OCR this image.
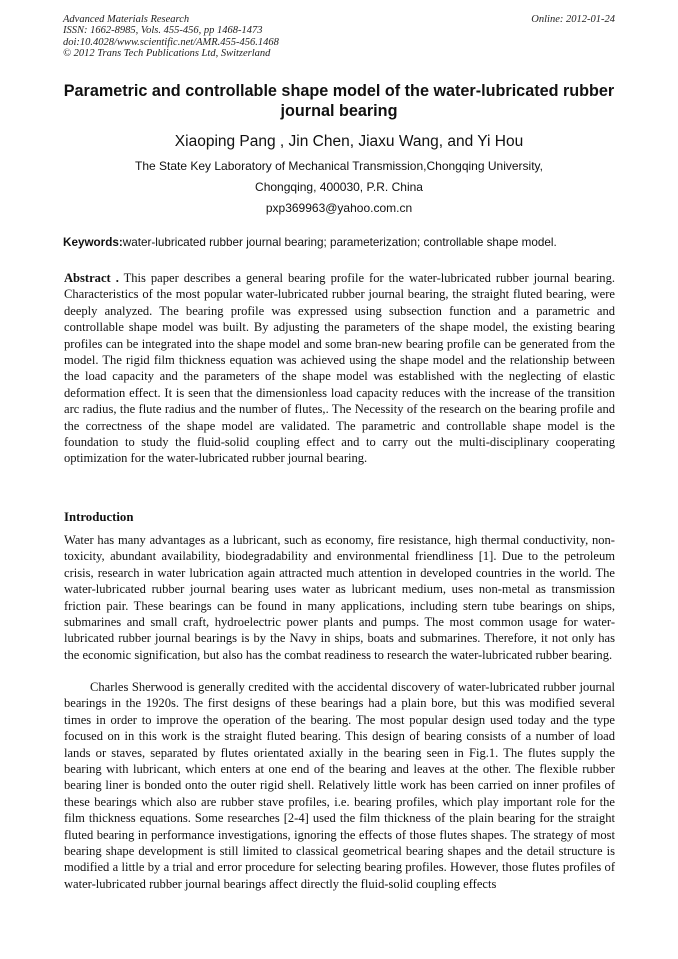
Advanced Materials Research
ISSN: 1662-8985, Vols. 455-456, pp 1468-1473
doi:10.4028/www.scientific.net/AMR.455-456.1468
© 2012 Trans Tech Publications Ltd, Switzerland
Online: 2012-01-24
Parametric and controllable shape model of the water-lubricated rubber journal bearing
Xiaoping Pang , Jin Chen, Jiaxu Wang, and Yi Hou
The State Key Laboratory of Mechanical Transmission,Chongqing University,
Chongqing, 400030, P.R. China
pxp369963@yahoo.com.cn
Keywords:water-lubricated rubber journal bearing; parameterization; controllable shape model.

Abstract . This paper describes a general bearing profile for the water-lubricated rubber journal bearing. Characteristics of the most popular water-lubricated rubber journal bearing, the straight fluted bearing, were deeply analyzed. The bearing profile was expressed using subsection function and a parametric and controllable shape model was built. By adjusting the parameters of the shape model, the existing bearing profiles can be integrated into the shape model and some bran-new bearing profile can be generated from the model. The rigid film thickness equation was achieved using the shape model and the relationship between the load capacity and the parameters of the shape model was established with the neglecting of elastic deformation effect. It is seen that the dimensionless load capacity reduces with the increase of the transition arc radius, the flute radius and the number of flutes,. The Necessity of the research on the bearing profile and the correctness of the shape model are validated. The parametric and controllable shape model is the foundation to study the fluid-solid coupling effect and to carry out the multi-disciplinary cooperating optimization for the water-lubricated rubber journal bearing.

Introduction

Water has many advantages as a lubricant, such as economy, fire resistance, high thermal conductivity, non-toxicity, abundant availability, biodegradability and environmental friendliness [1]. Due to the petroleum crisis, research in water lubrication again attracted much attention in developed countries in the world. The water-lubricated rubber journal bearing uses water as lubricant medium, uses non-metal as transmission friction pair. These bearings can be found in many applications, including stern tube bearings on ships, submarines and small craft, hydroelectric power plants and pumps. The most common usage for water-lubricated rubber journal bearings is by the Navy in ships, boats and submarines. Therefore, it not only has the economic signification, but also has the combat readiness to research the water-lubricated rubber bearing.

Charles Sherwood is generally credited with the accidental discovery of water-lubricated rubber journal bearings in the 1920s. The first designs of these bearings had a plain bore, but this was modified several times in order to improve the operation of the bearing. The most popular design used today and the type focused on in this work is the straight fluted bearing. This design of bearing consists of a number of load lands or staves, separated by flutes orientated axially in the bearing seen in Fig.1. The flutes supply the bearing with lubricant, which enters at one end of the bearing and leaves at the other. The flexible rubber bearing liner is bonded onto the outer rigid shell. Relatively little work has been carried on inner profiles of these bearings which also are rubber stave profiles, i.e. bearing profiles, which play important role for the film thickness equations. Some researches [2-4] used the film thickness of the plain bearing for the straight fluted bearing in performance investigations, ignoring the effects of those flutes shapes. The strategy of most bearing shape development is still limited to classical geometrical bearing shapes and the detail structure is modified a little by a trial and error procedure for selecting bearing profiles. However, those flutes profiles of water-lubricated rubber journal bearings affect directly the fluid-solid coupling effects
